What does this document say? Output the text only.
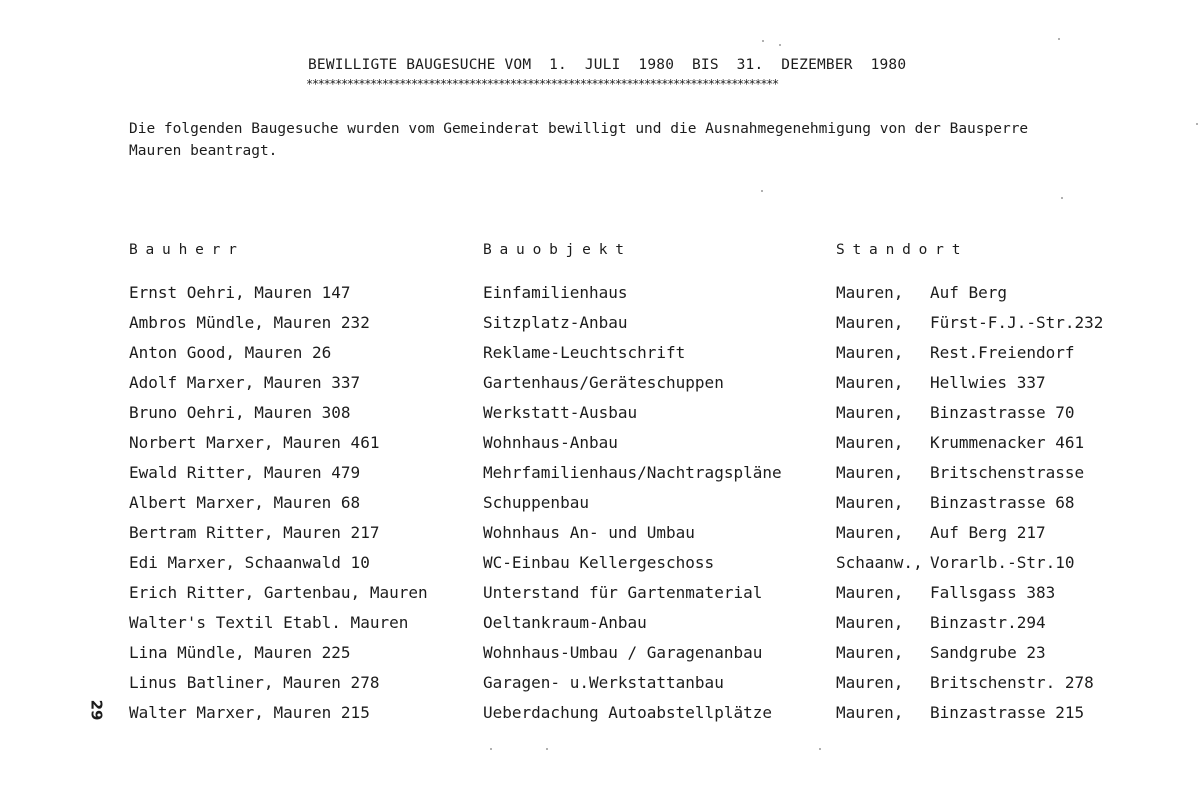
BEWILLIGTE BAUGESUCHE VOM  1.  JULI  1980  BIS  31.  DEZEMBER  1980
*********************************************************************************

Die folgenden Baugesuche wurden vom Gemeinderat bewilligt und die Ausnahmegenehmigung von der Bausperre
Mauren beantragt.

Bauherr	Bauobjekt	Standort
Ernst Oehri, Mauren 147	Einfamilienhaus	Mauren, Auf Berg
Ambros Mündle, Mauren 232	Sitzplatz-Anbau	Mauren, Fürst-F.J.-Str.232
Anton Good, Mauren 26	Reklame-Leuchtschrift	Mauren, Rest.Freiendorf
Adolf Marxer, Mauren 337	Gartenhaus/Geräteschuppen	Mauren, Hellwies 337
Bruno Oehri, Mauren 308	Werkstatt-Ausbau	Mauren, Binzastrasse 70
Norbert Marxer, Mauren 461	Wohnhaus-Anbau	Mauren, Krummenacker 461
Ewald Ritter, Mauren 479	Mehrfamilienhaus/Nachtragspläne	Mauren, Britschenstrasse
Albert Marxer, Mauren 68	Schuppenbau	Mauren, Binzastrasse 68
Bertram Ritter, Mauren 217	Wohnhaus An- und Umbau	Mauren, Auf Berg 217
Edi Marxer, Schaanwald 10	WC-Einbau Kellergeschoss	Schaanw., Vorarlb.-Str.10
Erich Ritter, Gartenbau, Mauren	Unterstand für Gartenmaterial	Mauren, Fallsgass 383
Walter's Textil Etabl. Mauren	Oeltankraum-Anbau	Mauren, Binzastr.294
Lina Mündle, Mauren 225	Wohnhaus-Umbau / Garagenanbau	Mauren, Sandgrube 23
Linus Batliner, Mauren 278	Garagen- u.Werkstattanbau	Mauren, Britschenstr. 278
Walter Marxer, Mauren 215	Ueberdachung Autoabstellplätze	Mauren, Binzastrasse 215
29
